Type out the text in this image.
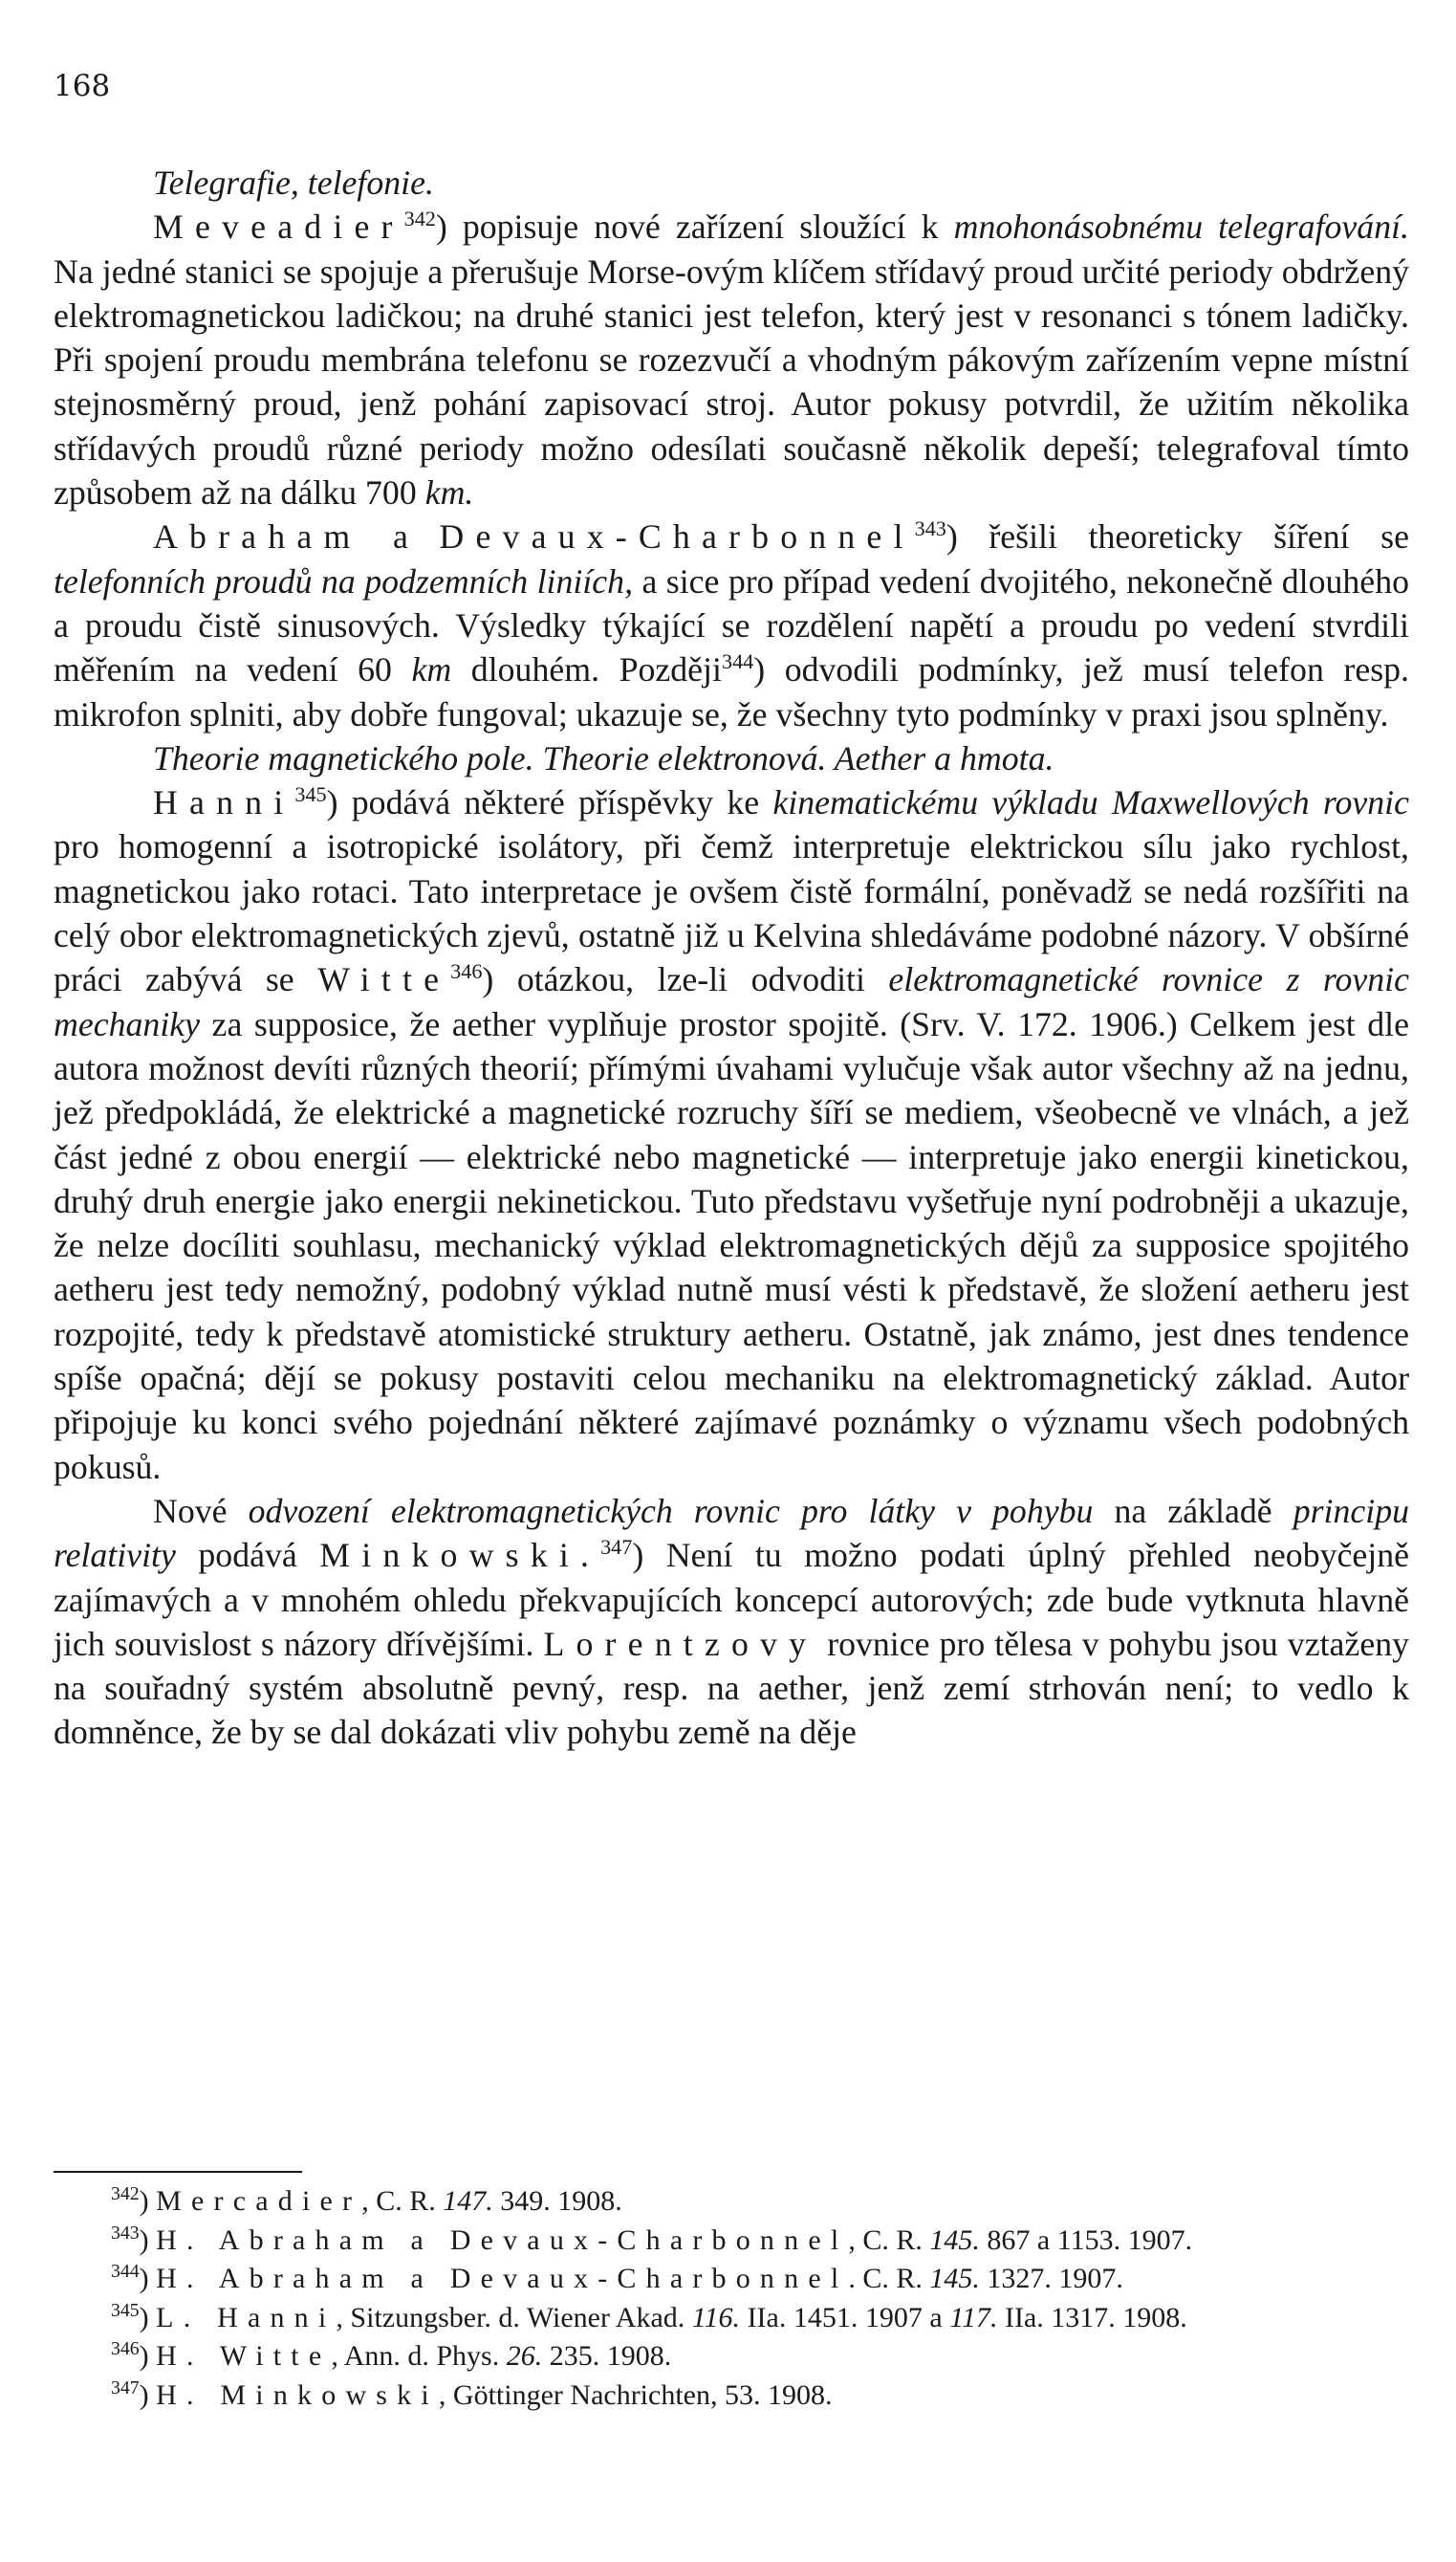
168

Telegrafie, telefonie.

Meveadier$^{342}$) popisuje nové zařízení sloužící k mnohonásobnému telegrafování. Na jedné stanici se spojuje a přerušuje Morse-ovým klíčem střídavý proud určité periody obdržený elektromagnetickou ladičkou; na druhé stanici jest telefon, který jest v resonanci s tónem ladičky. Při spojení proudu membrána telefonu se rozezvučí a vhodným pákovým zařízením vepne místní stejnosměrný proud, jenž pohání zapisovací stroj. Autor pokusy potvrdil, že užitím několika střídavých proudů různé periody možno odesílati současně několik depeší; telegrafoval tímto způsobem až na dálku 700 km.

Abraham a Devaux-Charbonnel$^{343}$) řešili theoreticky šíření se telefonních proudů na podzemních liniích, a sice pro případ vedení dvojitého, nekonečně dlouhého a proudu čistě sinusových. Výsledky týkající se rozdělení napětí a proudu po vedení stvrdili měřením na vedení 60 km dlouhém. Později$^{344}$) odvodili podmínky, jež musí telefon resp. mikrofon splniti, aby dobře fungoval; ukazuje se, že všechny tyto podmínky v praxi jsou splněny.

Theorie magnetického pole. Theorie elektronová. Aether a hmota.

Hanni$^{345}$) podává některé příspěvky ke kinematickému výkladu Maxwellových rovnic pro homogenní a isotropické isolátory, při čemž interpretuje elektrickou sílu jako rychlost, magnetickou jako rotaci. Tato interpretace je ovšem čistě formální, poněvadž se nedá rozšířiti na celý obor elektromagnetických zjevů, ostatně již u Kelvina shledáváme podobné názory. V obšírné práci zabývá se Witte$^{346}$) otázkou, lze-li odvoditi elektromagnetické rovnice z rovnic mechaniky za supposice, že aether vyplňuje prostor spojitě. (Srv. V. 172. 1906.) Celkem jest dle autora možnost devíti různých theorií; přímými úvahami vylučuje však autor všechny až na jednu, jež předpokládá, že elektrické a magnetické rozruchy šíří se mediem, všeobecně ve vlnách, a jež část jedné z obou energií — elektrické nebo magnetické — interpretuje jako energii kinetickou, druhý druh energie jako energii nekinetickou. Tuto představu vyšetřuje nyní podrobněji a ukazuje, že nelze docíliti souhlasu, mechanický výklad elektromagnetických dějů za supposice spojitého aetheru jest tedy nemožný, podobný výklad nutně musí vésti k představě, že složení aetheru jest rozpojité, tedy k představě atomistické struktury aetheru. Ostatně, jak známo, jest dnes tendence spíše opačná; dějí se pokusy postaviti celou mechaniku na elektromagnetický základ. Autor připojuje ku konci svého pojednání některé zajímavé poznámky o významu všech podobných pokusů.

Nové odvození elektromagnetických rovnic pro látky v pohybu na základě principu relativity podává Minkowski.$^{347}$) Není tu možno podati úplný přehled neobyčejně zajímavých a v mnohém ohledu překvapujících koncepcí autorových; zde bude vytknuta hlavně jich souvislost s názory dřívějšími. Lorentzovy rovnice pro tělesa v pohybu jsou vztaženy na souřadný systém absolutně pevný, resp. na aether, jenž zemí strhován není; to vedlo k domněnce, že by se dal dokázati vliv pohybu země na děje

$^{342}$) Mercadier, C. R. 147. 349. 1908.

$^{343}$) H. Abraham a Devaux-Charbonnel, C. R. 145. 867 a 1153. 1907.

$^{344}$) H. Abraham a Devaux-Charbonnel. C. R. 145. 1327. 1907.

$^{345}$) L. Hanni, Sitzungsber. d. Wiener Akad. 116. IIa. 1451. 1907 a 117. IIa. 1317. 1908.

$^{346}$) H. Witte, Ann. d. Phys. 26. 235. 1908.

$^{347}$) H. Minkowski, Göttinger Nachrichten, 53. 1908.
